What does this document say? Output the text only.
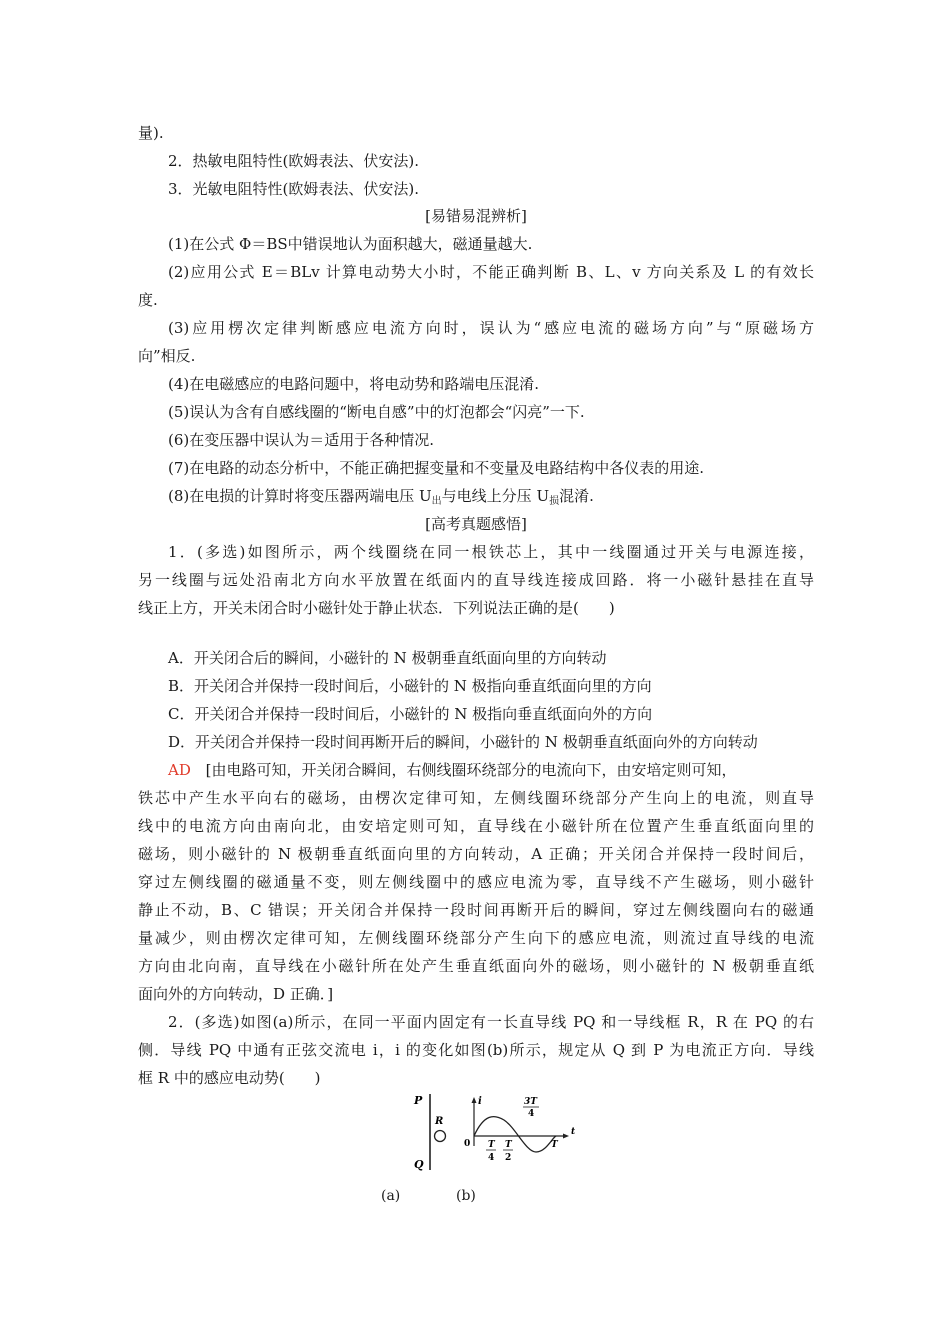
量).
2．热敏电阻特性(欧姆表法、伏安法).
3．光敏电阻特性(欧姆表法、伏安法).
[易错易混辨析]
(1)在公式 Φ＝BS中错误地认为面积越大，磁通量越大.
(2)应用公式 E＝BLv 计算电动势大小时，不能正确判断 B、L、v 方向关系及 L 的有效长
度.
(3)应用楞次定律判断感应电流方向时，误认为“感应电流的磁场方向”与“原磁场方
向”相反.
(4)在电磁感应的电路问题中，将电动势和路端电压混淆.
(5)误认为含有自感线圈的“断电自感”中的灯泡都会“闪亮”一下.
(6)在变压器中误认为＝适用于各种情况.
(7)在电路的动态分析中，不能正确把握变量和不变量及电路结构中各仪表的用途.
(8)在电损的计算时将变压器两端电压 $U_出$与电线上分压 $U_损$混淆.
[高考真题感悟]
1．(多选)如图所示，两个线圈绕在同一根铁芯上，其中一线圈通过开关与电源连接，
另一线圈与远处沿南北方向水平放置在纸面内的直导线连接成回路．将一小磁针悬挂在直导
线正上方，开关未闭合时小磁针处于静止状态．下列说法正确的是(　　)
A．开关闭合后的瞬间，小磁针的 N 极朝垂直纸面向里的方向转动
B．开关闭合并保持一段时间后，小磁针的 N 极指向垂直纸面向里的方向
C．开关闭合并保持一段时间后，小磁针的 N 极指向垂直纸面向外的方向
D．开关闭合并保持一段时间再断开后的瞬间，小磁针的 N 极朝垂直纸面向外的方向转动
AD [由电路可知，开关闭合瞬间，右侧线圈环绕部分的电流向下，由安培定则可知，
铁芯中产生水平向右的磁场，由楞次定律可知，左侧线圈环绕部分产生向上的电流，则直导
线中的电流方向由南向北，由安培定则可知，直导线在小磁针所在位置产生垂直纸面向里的
磁场，则小磁针的 N 极朝垂直纸面向里的方向转动，A 正确；开关闭合并保持一段时间后，
穿过左侧线圈的磁通量不变，则左侧线圈中的感应电流为零，直导线不产生磁场，则小磁针
静止不动，B、C 错误；开关闭合并保持一段时间再断开后的瞬间，穿过左侧线圈向右的磁通
量减少，则由楞次定律可知，左侧线圈环绕部分产生向下的感应电流，则流过直导线的电流
方向由北向南，直导线在小磁针所在处产生垂直纸面向外的磁场，则小磁针的 N 极朝垂直纸
面向外的方向转动，D 正确．]
2．(多选)如图(a)所示，在同一平面内固定有一长直导线 PQ 和一导线框 R，R 在 PQ 的右
侧．导线 PQ 中通有正弦交流电 i，i 的变化如图(b)所示，规定从 Q 到 P 为电流正方向．导线
框 R 中的感应电动势(　　)
P
Q
R
i
t
0
3T
4
T
4
T
2
T
(a)	(b)
